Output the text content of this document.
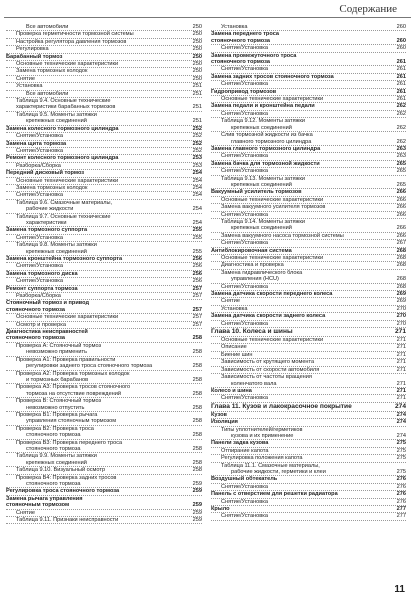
Содержание
Все автомобили	250
Проверка герметичности тормозной системы	250
Настройка регулятора давления тормозов	250
Регулировка	250
Барабанный тормоз	250
Основные технические характеристики	250
Замена тормозных колодок	250
Снятие	250
Установка	251
Все автомобили	251
Таблица 9.4. Основные технические
характеристики барабанных тормозов	251
Таблица 9.5. Моменты затяжки
крепежных соединений	251
Замена колесного тормозного цилиндра	252
Снятие/Установка	252
Замена щита тормоза	252
Снятие/Установка	252
Ремонт колесного тормозного цилиндра	253
Разборка/Сборка	253
Передний дисковый тормоз	254
Основные технические характеристики	254
Замена тормозных колодок	254
Снятие/Установка	254
Таблица 9.6. Смазочные материалы,
рабочие жидкости	254
Таблица 9.7. Основные технические
характеристики	254
Замена тормозного суппорта	255
Снятие/Установка	255
Таблица 9.8. Моменты затяжки
крепежных соединений	255
Замена кронштейна тормозного суппорта	256
Снятие/Установка	256
Замена тормозного диска	256
Снятие/Установка	256
Ремонт суппорта тормоза	257
Разборка/Сборка	257
Стояночный тормоз и привод
стояночного тормоза	257
Основные технические характеристики	257
Осмотр и проверка	257
Диагностика неисправностей
стояночного тормоза	258
Проверка А: Стояночный тормоз
невозможно применить	258
Проверка А1: Проверка правильности
регулировки заднего троса стояночного тормоза	258
Проверка А2: Проверка тормозных колодок
и тормозных барабанов	258
Проверка А3: Проверка тросов стояночного
тормоза на отсутствие повреждений	258
Проверка В: Стояночный тормоз
невозможно отпустить	258
Проверка В1: Проверка рычага
управления стояночным тормозом	258
Проверка В2: Проверка троса
стояночного тормоза	258
Проверка В3: Проверка переднего троса
стояночного тормоза	258
Таблица 9.9. Моменты затяжки
крепежных соединений	258
Таблица 9.10. Визуальный осмотр	258
Проверка В4: Проверка задних тросов
стояночного тормоза	259
Регулировка троса стояночного тормоза	259
Замена рычага управления
стояночным тормозом	259
Снятие	259
Таблица 9.11. Признаки неисправности	259
Установка	260
Замена переднего троса
стояночного тормоза	260
Снятие/Установка	260
Замена промежуточного троса
стояночного тормоза	261
Снятие/Установка	261
Замена задних тросов стояночного тормоза	261
Снятие/Установка	261
Гидропривод тормозов	261
Основные технические характеристики	261
Замена педали и кронштейна педали	262
Снятие/Установка	262
Таблица 9.12. Моменты затяжки
крепежных соединений	262
Слив тормозной жидкости из бачка
главного тормозного цилиндра	262
Замена главного тормозного цилиндра	263
Снятие/Установка	263
Замена бачка для тормозной жидкости	265
Снятие/Установка	265
Таблица 9.13. Моменты затяжки
крепежных соединений	265
Вакуумный усилитель тормозов	266
Основные технические характеристики	266
Замена вакуумного усилителя тормозов	266
Снятие/Установка	266
Таблица 9.14. Моменты затяжки
крепежных соединений	266
Замена вакуумного насоса тормозной системы	266
Снятие/Установка	267
Антиблокировочная система	268
Основные технические характеристики	268
Диагностика и проверка	268
Замена гидравлического блока
управления (HCU)	268
Снятие/Установка	268
Замена датчика скорости переднего колеса	269
Снятие	269
Установка	270
Замена датчика скорости заднего колеса	270
Снятие/Установка	270
Глава 10. Колеса и шины	271
Основные технические характеристики	271
Описание	271
Биение шин	271
Зависимость от крутящего момента	271
Зависимость от скорости автомобиля	271
Зависимость от частоты вращения
коленчатого вала	271
Колесо и шина	271
Снятие/Установка	271
Глава 11. Кузов и лакокрасочное покрытие	274
Кузов	274
Изоляция	274
Типы уплотнителей/герметиков
кузова и их применение	274
Панели задка кузова	275
Отпирание капота	275
Регулировка положения капота	275
Таблица 11.1. Смазочные материалы,
рабочие жидкости, герметики и клеи	275
Воздушный обтекатель	276
Снятие/Установка	276
Панель с отверстием для решетки радиатора	276
Снятие/Установка	276
Крыло	277
Снятие/Установка	277
11
